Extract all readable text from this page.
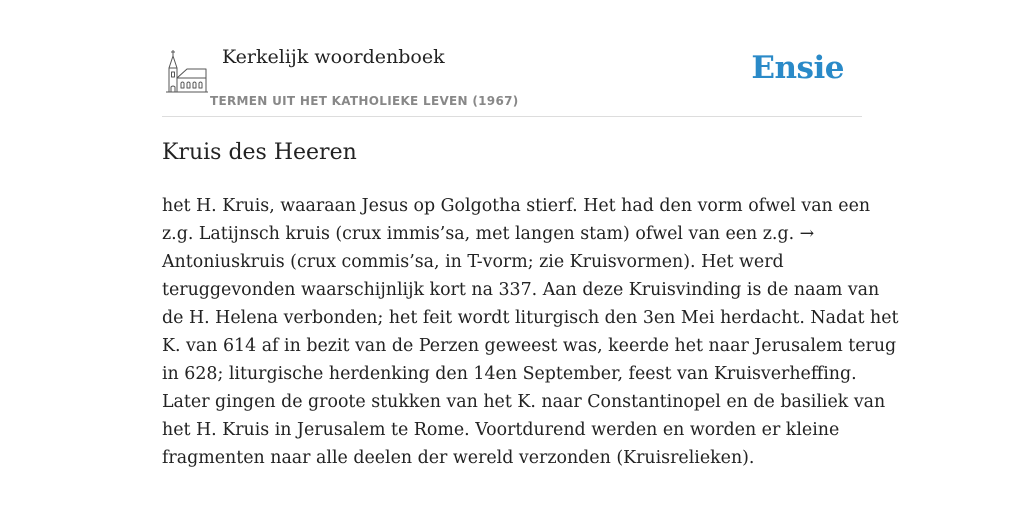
Kerkelijk woordenboek
TERMEN UIT HET KATHOLIEKE LEVEN (1967)
Ensie
Kruis des Heeren

het H. Kruis, waaraan Jesus op Golgotha stierf. Het had den vorm ofwel van een
z.g. Latijnsch kruis (crux immis’sa, met langen stam) ofwel van een z.g. →
Antoniuskruis (crux commis’sa, in T-vorm; zie Kruisvormen). Het werd
teruggevonden waarschijnlijk kort na 337. Aan deze Kruisvinding is de naam van
de H. Helena verbonden; het feit wordt liturgisch den 3en Mei herdacht. Nadat het
K. van 614 af in bezit van de Perzen geweest was, keerde het naar Jerusalem terug
in 628; liturgische herdenking den 14en September, feest van Kruisverheffing.
Later gingen de groote stukken van het K. naar Constantinopel en de basiliek van
het H. Kruis in Jerusalem te Rome. Voortdurend werden en worden er kleine
fragmenten naar alle deelen der wereld verzonden (Kruisrelieken).
